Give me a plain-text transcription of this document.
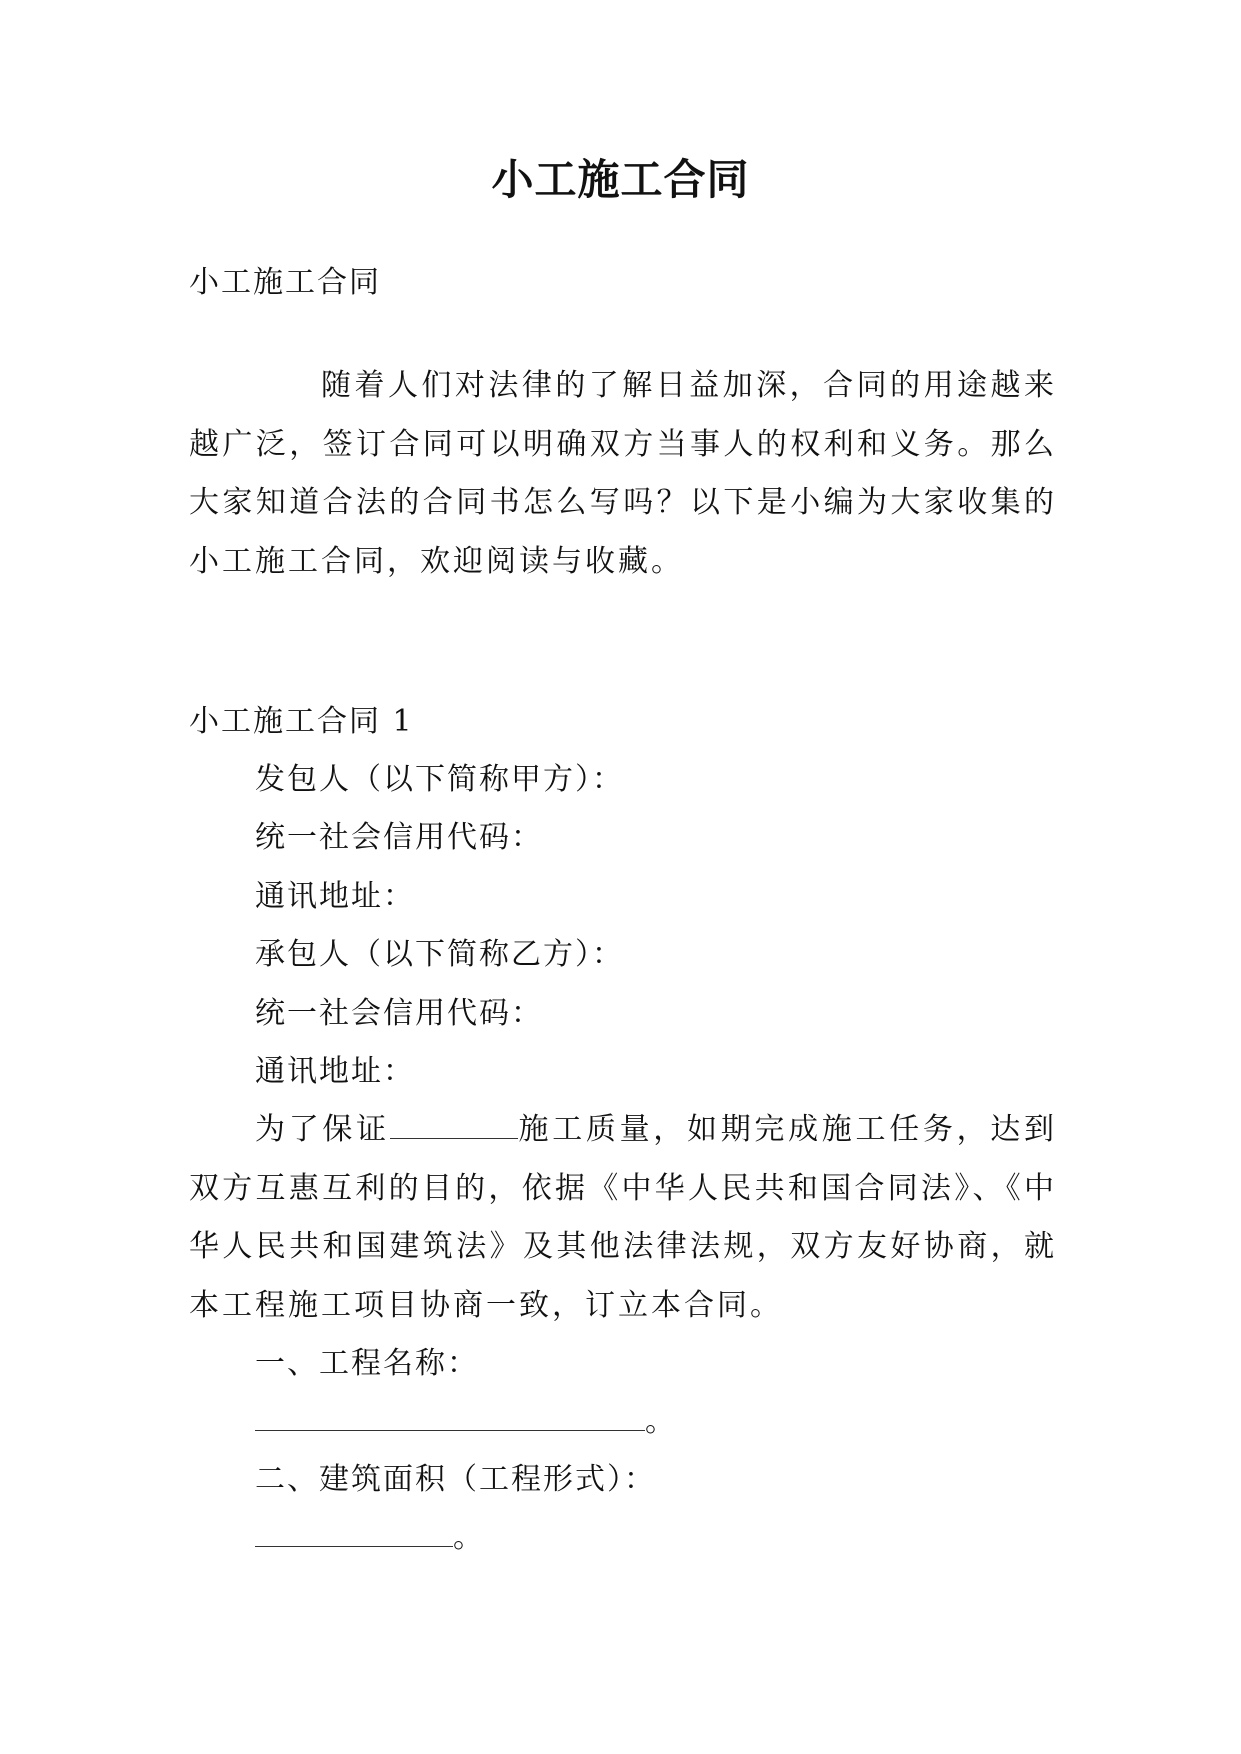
小工施工合同
小工施工合同
随着人们对法律的了解日益加深，合同的用途越来越广泛，签订合同可以明确双方当事人的权利和义务。那么大家知道合法的合同书怎么写吗？以下是小编为大家收集的小工施工合同，欢迎阅读与收藏。
小工施工合同 1
发包人（以下简称甲方）：
统一社会信用代码：
通讯地址：
承包人（以下简称乙方）：
统一社会信用代码：
通讯地址：
为了保证	施工质量，如期完成施工任务，达到双方互惠互利的目的，依据《中华人民共和国合同法》、《中华人民共和国建筑法》及其他法律法规，双方友好协商，就本工程施工项目协商一致，订立本合同。
一、工程名称：
。
二、建筑面积（工程形式）：
。
